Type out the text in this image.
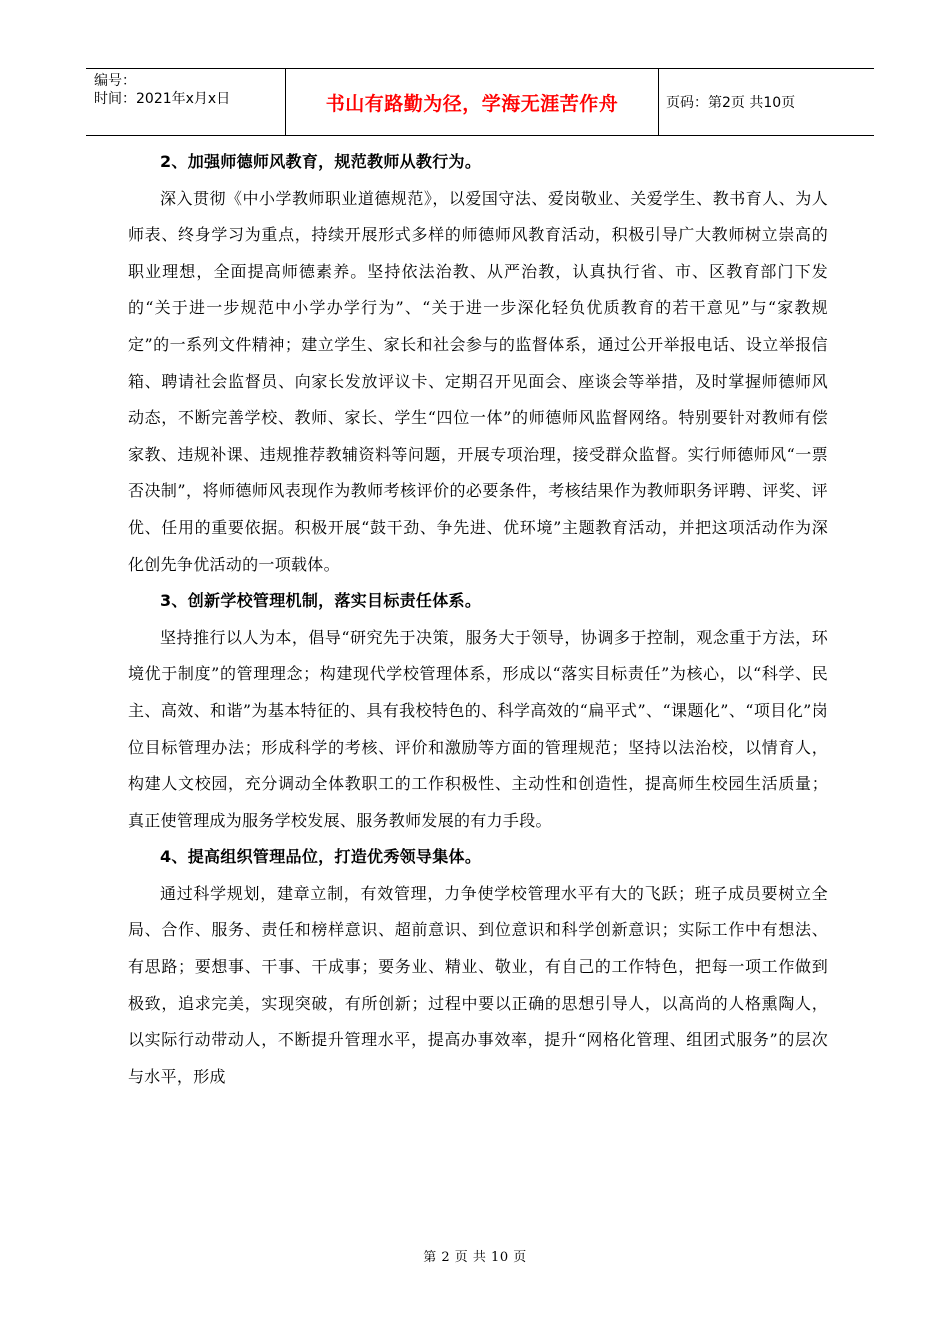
编号：
时间：2021年x月x日	书山有路勤为径，学海无涯苦作舟	页码：第2页 共10页
2、加强师德师风教育，规范教师从教行为。

深入贯彻《中小学教师职业道德规范》，以爱国守法、爱岗敬业、关爱学生、教书育人、为人师表、终身学习为重点，持续开展形式多样的师德师风教育活动，积极引导广大教师树立崇高的职业理想，全面提高师德素养。坚持依法治教、从严治教，认真执行省、市、区教育部门下发的“关于进一步规范中小学办学行为”、“关于进一步深化轻负优质教育的若干意见”与“家教规定”的一系列文件精神；建立学生、家长和社会参与的监督体系，通过公开举报电话、设立举报信箱、聘请社会监督员、向家长发放评议卡、定期召开见面会、座谈会等举措，及时掌握师德师风动态，不断完善学校、教师、家长、学生“四位一体”的师德师风监督网络。特别要针对教师有偿家教、违规补课、违规推荐教辅资料等问题，开展专项治理，接受群众监督。实行师德师风“一票否决制”，将师德师风表现作为教师考核评价的必要条件，考核结果作为教师职务评聘、评奖、评优、任用的重要依据。积极开展“鼓干劲、争先进、优环境”主题教育活动，并把这项活动作为深化创先争优活动的一项载体。

3、创新学校管理机制，落实目标责任体系。

坚持推行以人为本，倡导“研究先于决策，服务大于领导，协调多于控制，观念重于方法，环境优于制度”的管理理念；构建现代学校管理体系，形成以“落实目标责任”为核心，以“科学、民主、高效、和谐”为基本特征的、具有我校特色的、科学高效的“扁平式”、“课题化”、“项目化”岗位目标管理办法；形成科学的考核、评价和激励等方面的管理规范；坚持以法治校，以情育人，构建人文校园，充分调动全体教职工的工作积极性、主动性和创造性，提高师生校园生活质量；真正使管理成为服务学校发展、服务教师发展的有力手段。

4、提高组织管理品位，打造优秀领导集体。

通过科学规划，建章立制，有效管理，力争使学校管理水平有大的飞跃；班子成员要树立全局、合作、服务、责任和榜样意识、超前意识、到位意识和科学创新意识；实际工作中有想法、有思路；要想事、干事、干成事；要务业、精业、敬业，有自己的工作特色，把每一项工作做到极致，追求完美，实现突破，有所创新；过程中要以正确的思想引导人，以高尚的人格熏陶人，以实际行动带动人，不断提升管理水平，提高办事效率，提升“网格化管理、组团式服务”的层次与水平，形成

第 2 页 共 10 页
